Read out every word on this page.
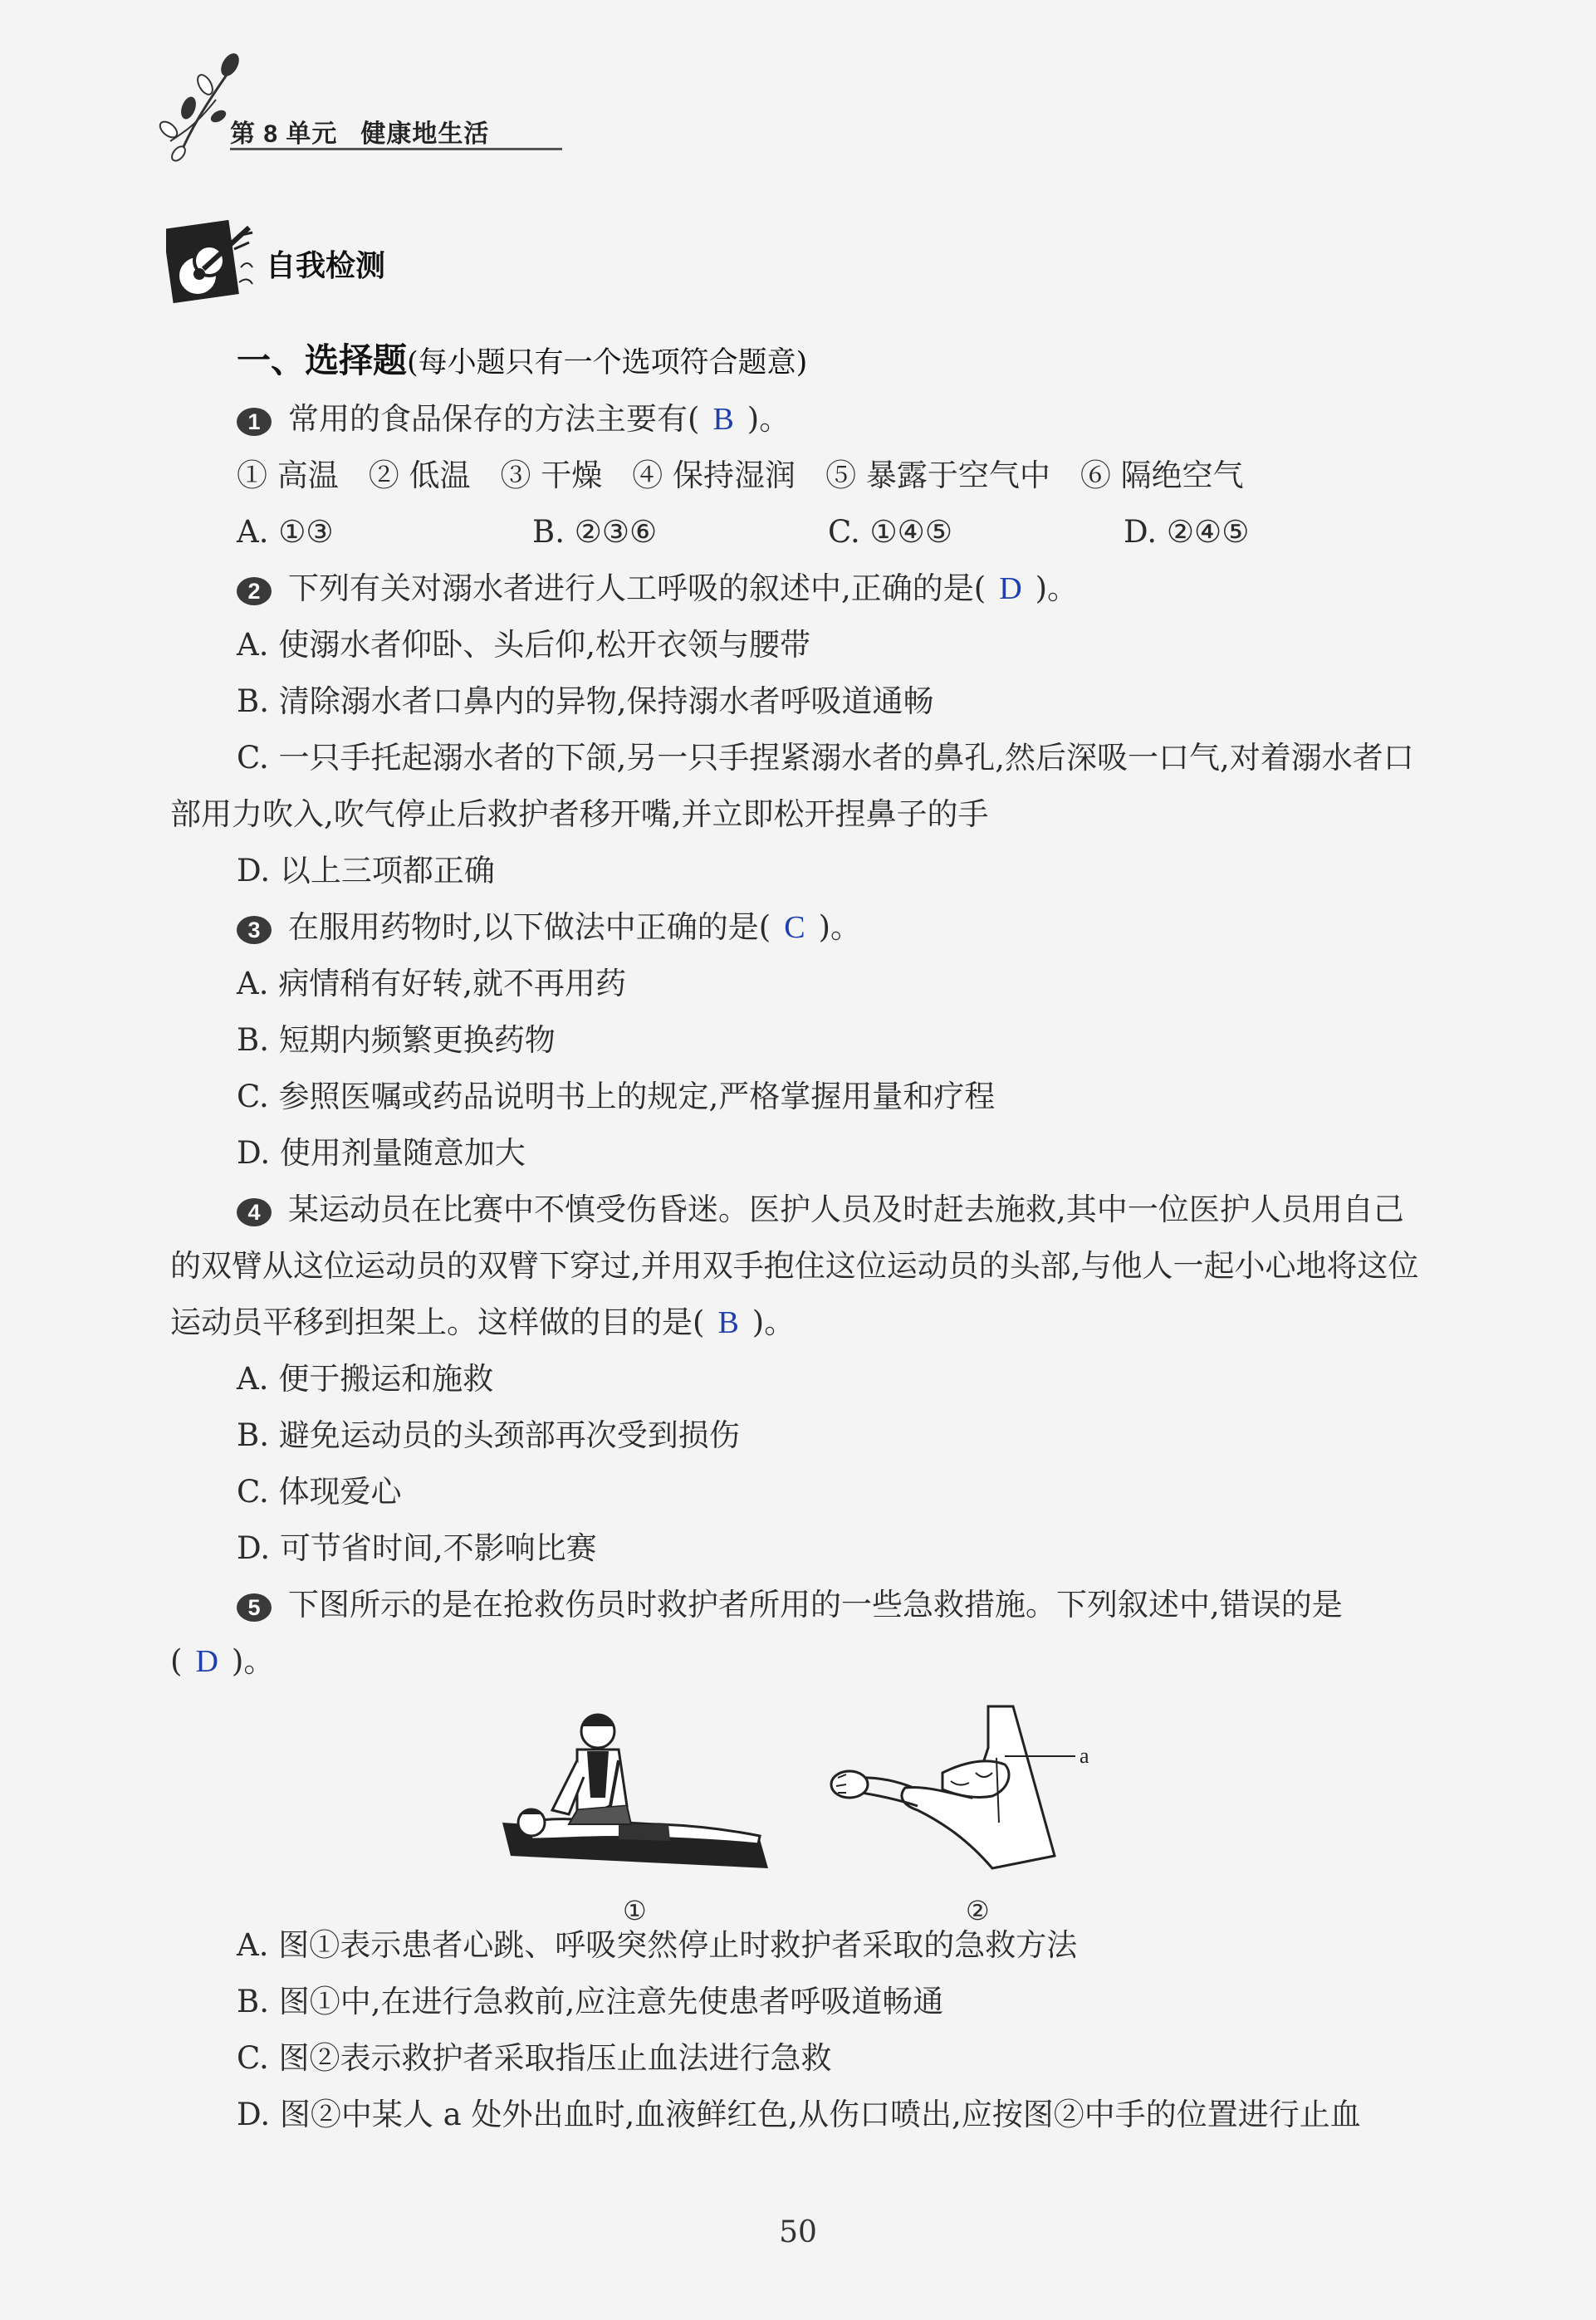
第 8 单元 健康地生活
自我检测
一、选择题(每小题只有一个选项符合题意)

1 常用的食品保存的方法主要有( B )。

① 高温 ② 低温 ③ 干燥 ④ 保持湿润 ⑤ 暴露于空气中 ⑥ 隔绝空气
A. ①③	B. ②③⑥	C. ①④⑤	D. ②④⑤

2 下列有关对溺水者进行人工呼吸的叙述中,正确的是( D )。

A. 使溺水者仰卧、头后仰,松开衣领与腰带

B. 清除溺水者口鼻内的异物,保持溺水者呼吸道通畅

C. 一只手托起溺水者的下颌,另一只手捏紧溺水者的鼻孔,然后深吸一口气,对着溺水者口部用力吹入,吹气停止后救护者移开嘴,并立即松开捏鼻子的手

D. 以上三项都正确

3 在服用药物时,以下做法中正确的是( C )。

A. 病情稍有好转,就不再用药

B. 短期内频繁更换药物

C. 参照医嘱或药品说明书上的规定,严格掌握用量和疗程

D. 使用剂量随意加大

4 某运动员在比赛中不慎受伤昏迷。医护人员及时赶去施救,其中一位医护人员用自己的双臂从这位运动员的双臂下穿过,并用双手抱住这位运动员的头部,与他人一起小心地将这位运动员平移到担架上。这样做的目的是( B )。

A. 便于搬运和施救

B. 避免运动员的头颈部再次受到损伤

C. 体现爱心

D. 可节省时间,不影响比赛

5 下图所示的是在抢救伤员时救护者所用的一些急救措施。下列叙述中,错误的是( D )。

①
a
②

A. 图①表示患者心跳、呼吸突然停止时救护者采取的急救方法

B. 图①中,在进行急救前,应注意先使患者呼吸道畅通

C. 图②表示救护者采取指压止血法进行急救

D. 图②中某人 a 处外出血时,血液鲜红色,从伤口喷出,应按图②中手的位置进行止血

50
